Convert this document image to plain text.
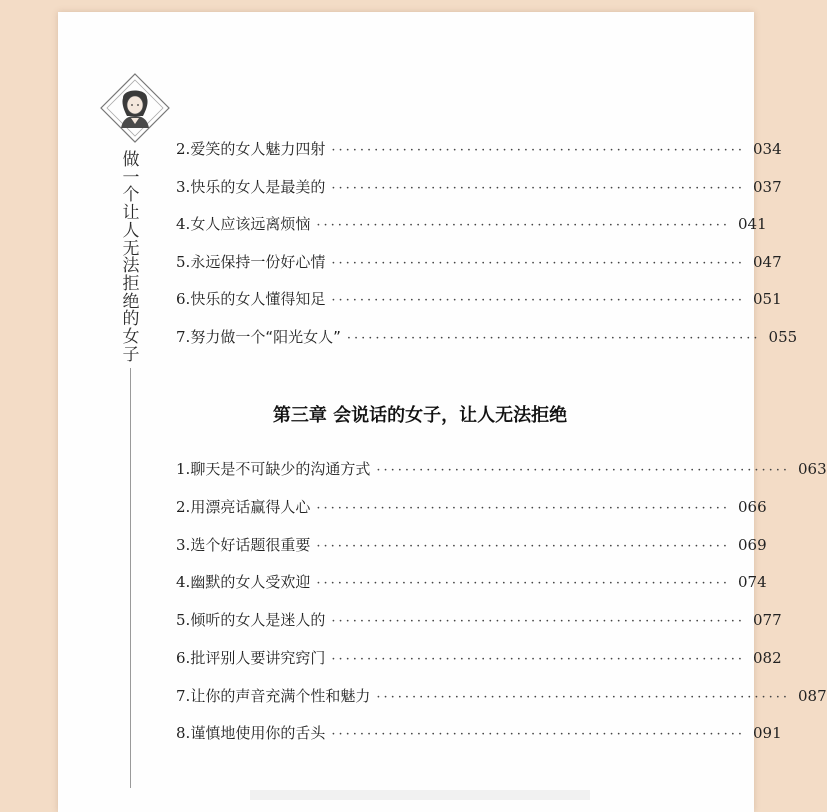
做一个让人无法拒绝的女子
2. 爱笑的女人魅力四射 ·························································· 034
3. 快乐的女人是最美的 ·························································· 037
4. 女人应该远离烦恼 ·························································· 041
5. 永远保持一份好心情 ·························································· 047
6. 快乐的女人懂得知足 ·························································· 051
7. 努力做一个“阳光女人” ·························································· 055
第三章 会说话的女子，让人无法拒绝
1. 聊天是不可缺少的沟通方式 ·························································· 063
2. 用漂亮话赢得人心 ·························································· 066
3. 选个好话题很重要 ·························································· 069
4. 幽默的女人受欢迎 ·························································· 074
5. 倾听的女人是迷人的 ·························································· 077
6. 批评别人要讲究窍门 ·························································· 082
7. 让你的声音充满个性和魅力 ·························································· 087
8. 谨慎地使用你的舌头 ·························································· 091
